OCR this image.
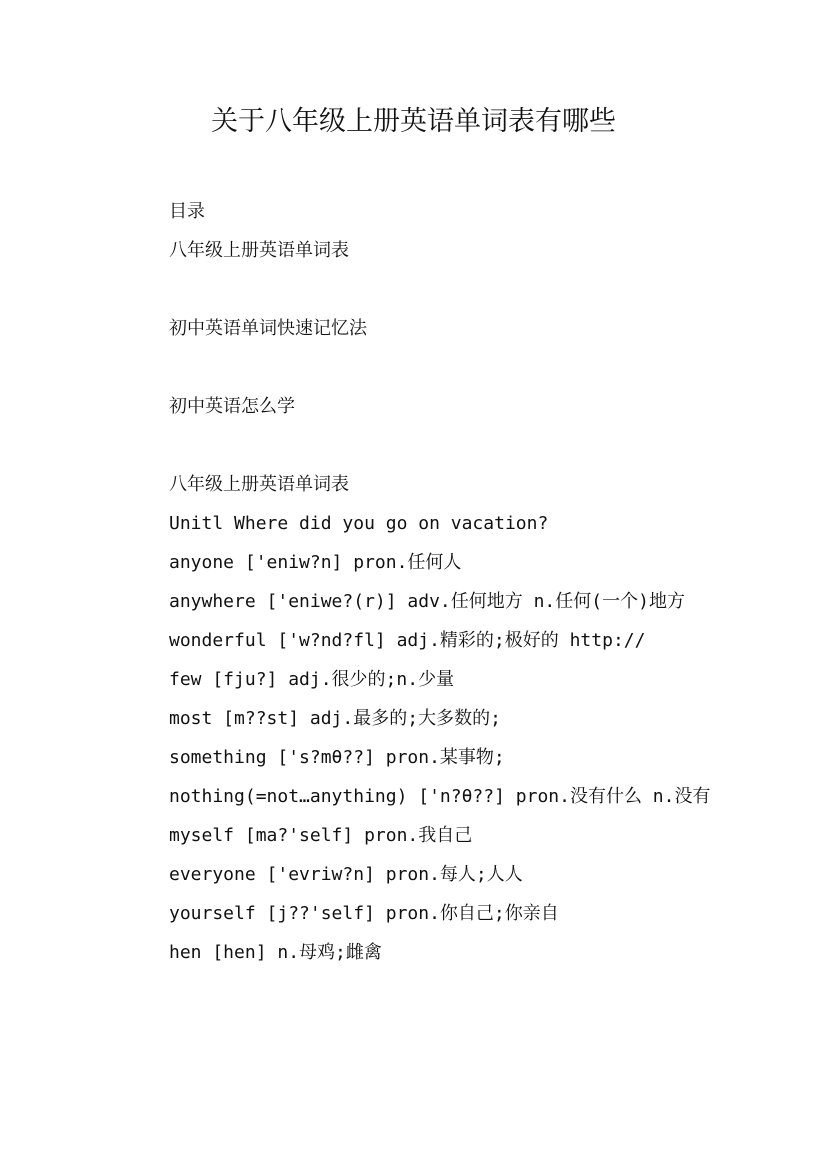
关于八年级上册英语单词表有哪些

目录

八年级上册英语单词表

初中英语单词快速记忆法

初中英语怎么学

八年级上册英语单词表

Unitl Where did you go on vacation?

anyone ['eniw?n] pron.任何人

anywhere ['eniwe?(r)] adv.任何地方 n.任何(一个)地方

wonderful ['w?nd?fl] adj.精彩的;极好的 http://

few [fju?] adj.很少的;n.少量

most [m??st] adj.最多的;大多数的;

something ['s?mθ??] pron.某事物;

nothing(=not…anything) ['n?θ??] pron.没有什么 n.没有

myself [ma?'self] pron.我自己

everyone ['evriw?n] pron.每人;人人

yourself [j??'self] pron.你自己;你亲自

hen [hen] n.母鸡;雌禽
